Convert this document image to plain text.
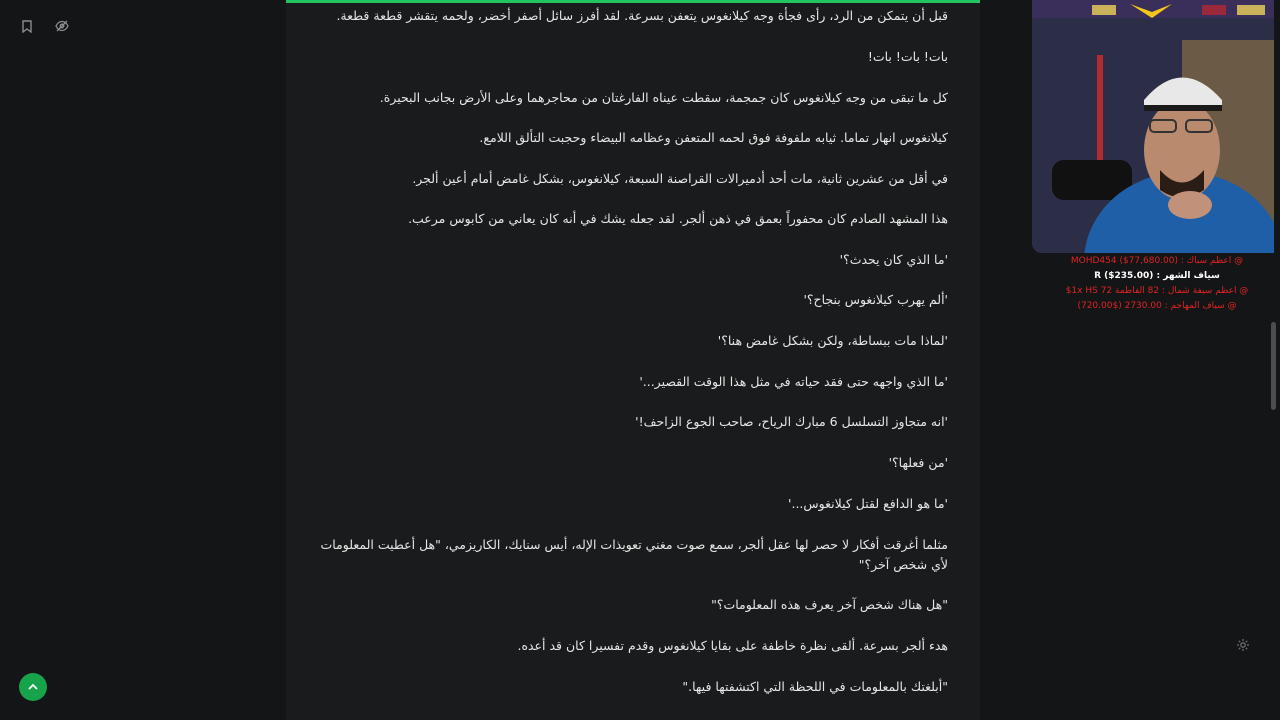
قبل أن يتمكن من الرد، رأى فجأة وجه كيلانغوس يتعفن بسرعة. لقد أفرز سائل أصفر أخضر، ولحمه يتقشر قطعة قطعة.

بات! بات! بات!

كل ما تبقى من وجه كيلانغوس كان جمجمة، سقطت عيناه الفارغتان من محاجرهما وعلى الأرض بجانب البحيرة.

كيلانغوس انهار تماما. ثيابه ملفوفة فوق لحمه المتعفن وعظامه البيضاء وحجبت التألق اللامع.

في أقل من عشرين ثانية، مات أحد أدميرالات القراصنة السبعة، كيلانغوس، بشكل غامض أمام أعين ألجر.

هذا المشهد الصادم كان محفوراً بعمق في ذهن ألجر. لقد جعله يشك في أنه كان يعاني من كابوس مرعب.

'ما الذي كان يحدث؟'

'ألم يهرب كيلانغوس بنجاح؟'

'لماذا مات ببساطة، ولكن بشكل غامض هنا؟'

'ما الذي واجهه حتى فقد حياته في مثل هذا الوقت القصير...'

'انه متجاوز التسلسل 6 مبارك الرياح، صاحب الجوع الزاحف!'

'من فعلها؟'

'ما هو الدافع لقتل كيلانغوس...'

مثلما أغرقت أفكار لا حصر لها عقل ألجر، سمع صوت مغني تعويذات الإله، أيس سنايك، الكاريزمي، "هل أعطيت المعلومات لأي شخص آخر؟"

"هل هناك شخص آخر يعرف هذه المعلومات؟"

هدء ألجر بسرعة. ألقى نظرة خاطفة على بقايا كيلانغوس وقدم تفسيرا كان قد أعده.

"أبلغتك بالمعلومات في اللحظة التي اكتشفتها فيها."

@ اعظم سباك : MOHD454 ($77,680.00)
سياف الشهر : R ($235.00)
@ اعظم سيفة شمال : 82 الفاطمة 72 1x HS$
@ سياف المهاجم : 2730.00 ($720.00)
